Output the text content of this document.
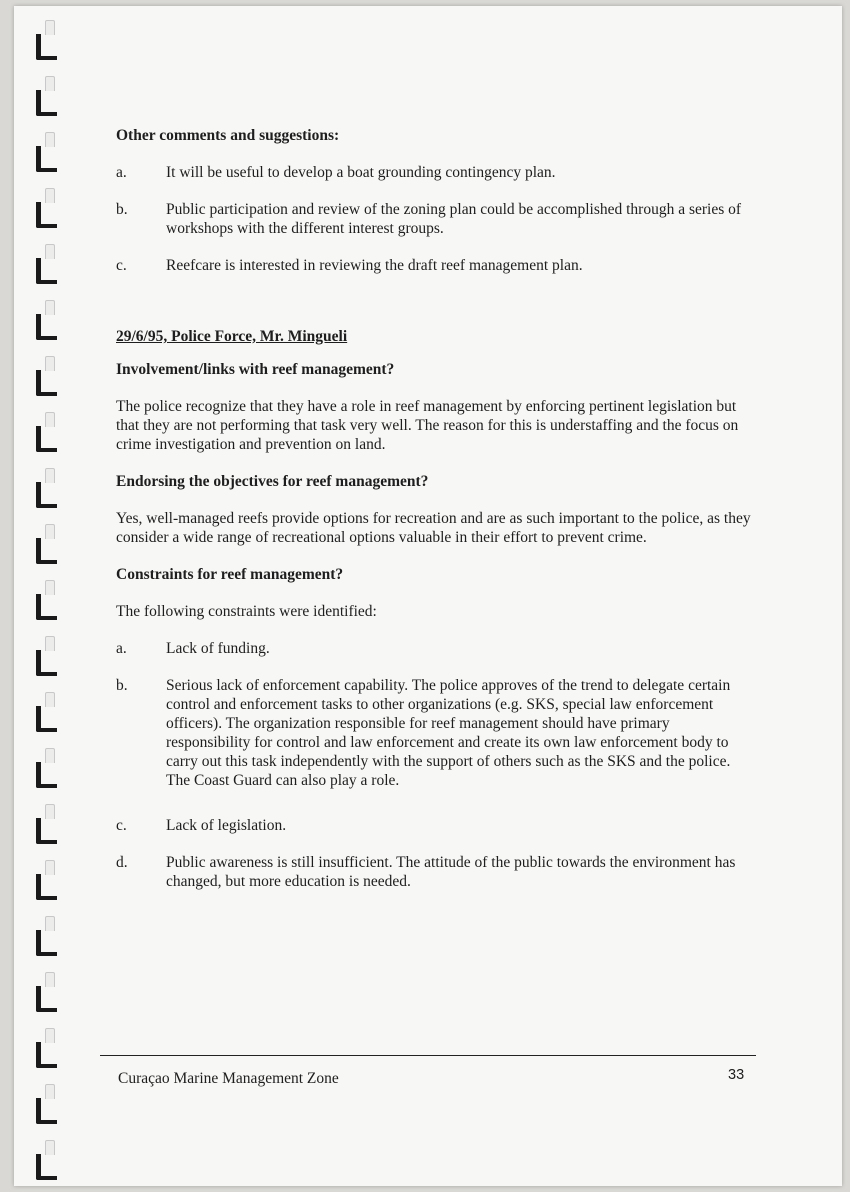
Other comments and suggestions:
a.	It will be useful to develop a boat grounding contingency plan.
b.	Public participation and review of the zoning plan could be accomplished through a series of workshops with the different interest groups.
c.	Reefcare is interested in reviewing the draft reef management plan.
29/6/95, Police Force, Mr. Mingueli
Involvement/links with reef management?
The police recognize that they have a role in reef management by enforcing pertinent legislation but that they are not performing that task very well. The reason for this is understaffing and the focus on crime investigation and prevention on land.
Endorsing the objectives for reef management?
Yes, well-managed reefs provide options for recreation and are as such important to the police, as they consider a wide range of recreational options valuable in their effort to prevent crime.
Constraints for reef management?
The following constraints were identified:
a.	Lack of funding.
b.	Serious lack of enforcement capability. The police approves of the trend to delegate certain control and enforcement tasks to other organizations (e.g. SKS, special law enforcement officers). The organization responsible for reef management should have primary responsibility for control and law enforcement and create its own law enforcement body to carry out this task independently with the support of others such as the SKS and the police. The Coast Guard can also play a role.
c.	Lack of legislation.
d.	Public awareness is still insufficient. The attitude of the public towards the environment has changed, but more education is needed.
Curaçao Marine Management Zone	33
